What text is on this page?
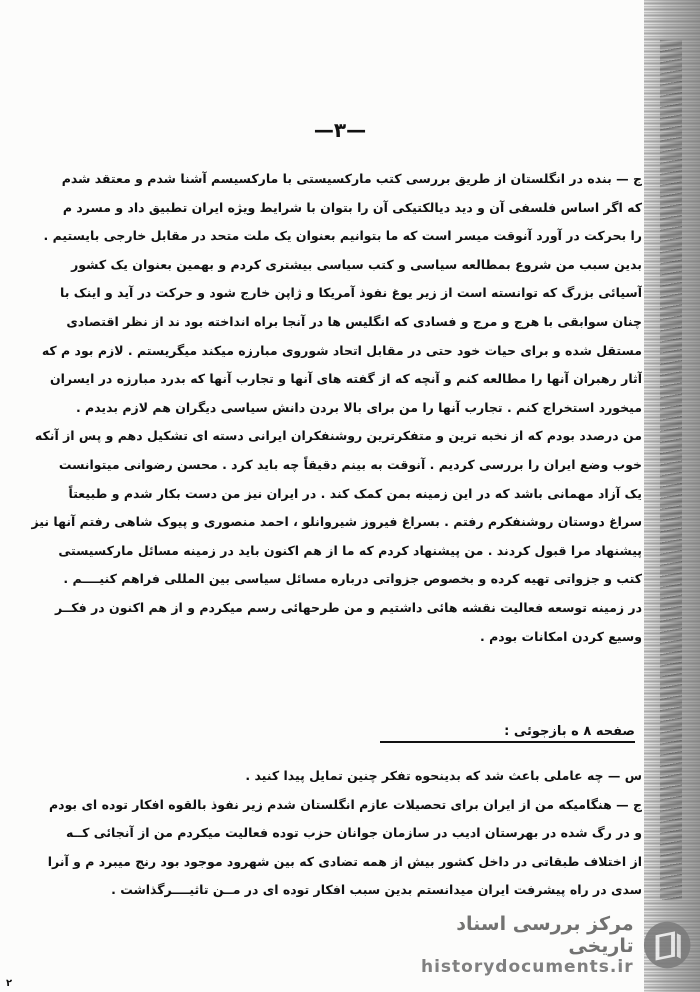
—۳—
ج — بنده در انگلستان از طریق بررسی کتب مارکسیستی با مارکسیسم آشنا شدم و معتقد شدم
که اگر اساس فلسفی آن و دید دیالکتیکی آن را بتوان با شرایط ویژه ایران تطبیق داد و مسرد م
را بحرکت در آورد آنوقت میسر است که ما بتوانیم بعنوان یک ملت متحد در مقابل خارجی بایستیم .
بدین سبب من شروع بمطالعه سیاسی و کتب سیاسی بیشتری کردم و بهمین بعنوان یک کشور
آسیائی بزرگ که توانسته است از زیر یوغ نفوذ آمریکا و ژاپن خارج شود و حرکت در آید و اینک با
چنان سوابقی با هرج و مرج و فسادی که انگلیس ها در آنجا براه انداخته بود ند از نظر اقتصادی
مستقل شده و برای حیات خود حتی در مقابل اتحاد شوروی مبارزه میکند میگریستم . لازم بود م که
آثار رهبران آنها را مطالعه کنم و آنچه که از گفته های آنها و تجارب آنها که بدرد مبارزه در ایسران
میخورد استخراج کنم . تجارب آنها را من برای بالا بردن دانش سیاسی دیگران هم لازم بدیدم .
من درصدد بودم که از نخبه ترین و متفکرترین روشنفکران ایرانی دسته ای تشکیل دهم و پس از آنکه
خوب وضع ایران را بررسی کردیم . آنوقت به بینم دقیقاً چه باید کرد . محسن رضوانی میتوانست
یک آزاد مهمانی باشد که در این زمینه بمن کمک کند . در ایران نیز من دست بکار شدم و طبیعتاً
سراغ دوستان روشنفکرم رفتم . بسراغ فیروز شیروانلو ، احمد منصوری و پیوک شاهی رفتم آنها نیز
پیشنهاد مرا قبول کردند . من پیشنهاد کردم که ما از هم اکنون باید در زمینه مسائل مارکسیستی
کتب و جزواتی تهیه کرده و بخصوص جزواتی درباره مسائل سیاسی بین المللی فراهم کنیــــم .
در زمینه توسعه فعالیت نقشه هائی داشتیم و من طرحهائی رسم میکردم و از هم اکنون در فکــر
وسیع کردن امکانات بودم .
صفحه ۸ ه بازجوئی :
س — چه عاملی باعث شد که بدینحوه تفکر چنین تمایل پیدا کنید .
ج — هنگامیکه من از ایران برای تحصیلات عازم انگلستان شدم زیر نفوذ بالقوه افکار توده ای بودم
و در رگ شده در بهرستان ادیب در سازمان جوانان حزب توده فعالیت میکردم من از آنجائی کــه
از اختلاف طبقاتی در داخل کشور بیش از همه تضادی که بین شهرود موجود بود رنج میبرد م و آنرا
سدی در راه پیشرفت ایران میدانستم بدین سبب افکار توده ای در مــن تاثیــــرگذاشت .
۲
مرکز بررسی اسناد تاریخی
historydocuments.ir
